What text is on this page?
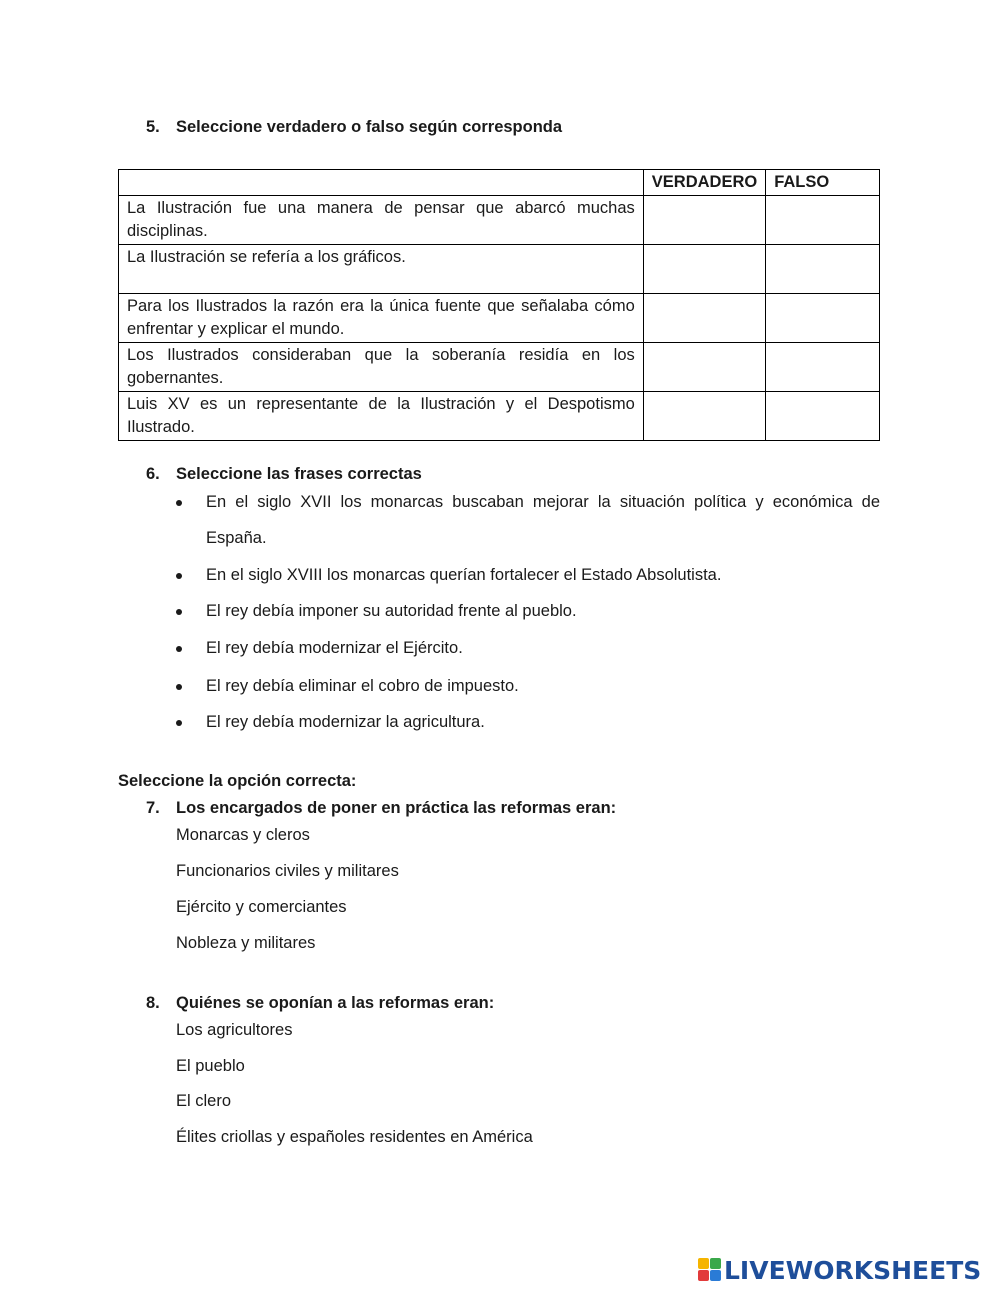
5. Seleccione verdadero o falso según corresponda
	VERDADERO	FALSO
La Ilustración fue una manera de pensar que abarcó muchas disciplinas.		
La Ilustración se refería a los gráficos.		
Para los Ilustrados la razón era la única fuente que señalaba cómo enfrentar y explicar el mundo.		
Los Ilustrados consideraban que la soberanía residía en los gobernantes.		
Luis XV es un representante de la Ilustración y el Despotismo Ilustrado.		
6. Seleccione las frases correctas
En el siglo XVII los monarcas buscaban mejorar la situación política y económica de España.
En el siglo XVIII los monarcas querían fortalecer el Estado Absolutista.
El rey debía imponer su autoridad frente al pueblo.
El rey debía modernizar el Ejército.
El rey debía eliminar el cobro de impuesto.
El rey debía modernizar la agricultura.
Seleccione la opción correcta:
7. Los encargados de poner en práctica las reformas eran:
Monarcas y cleros
Funcionarios civiles y militares
Ejército y comerciantes
Nobleza y militares
8. Quiénes se oponían a las reformas eran:
Los agricultores
El pueblo
El clero
Élites criollas y españoles residentes en América
LIVEWORKSHEETS
